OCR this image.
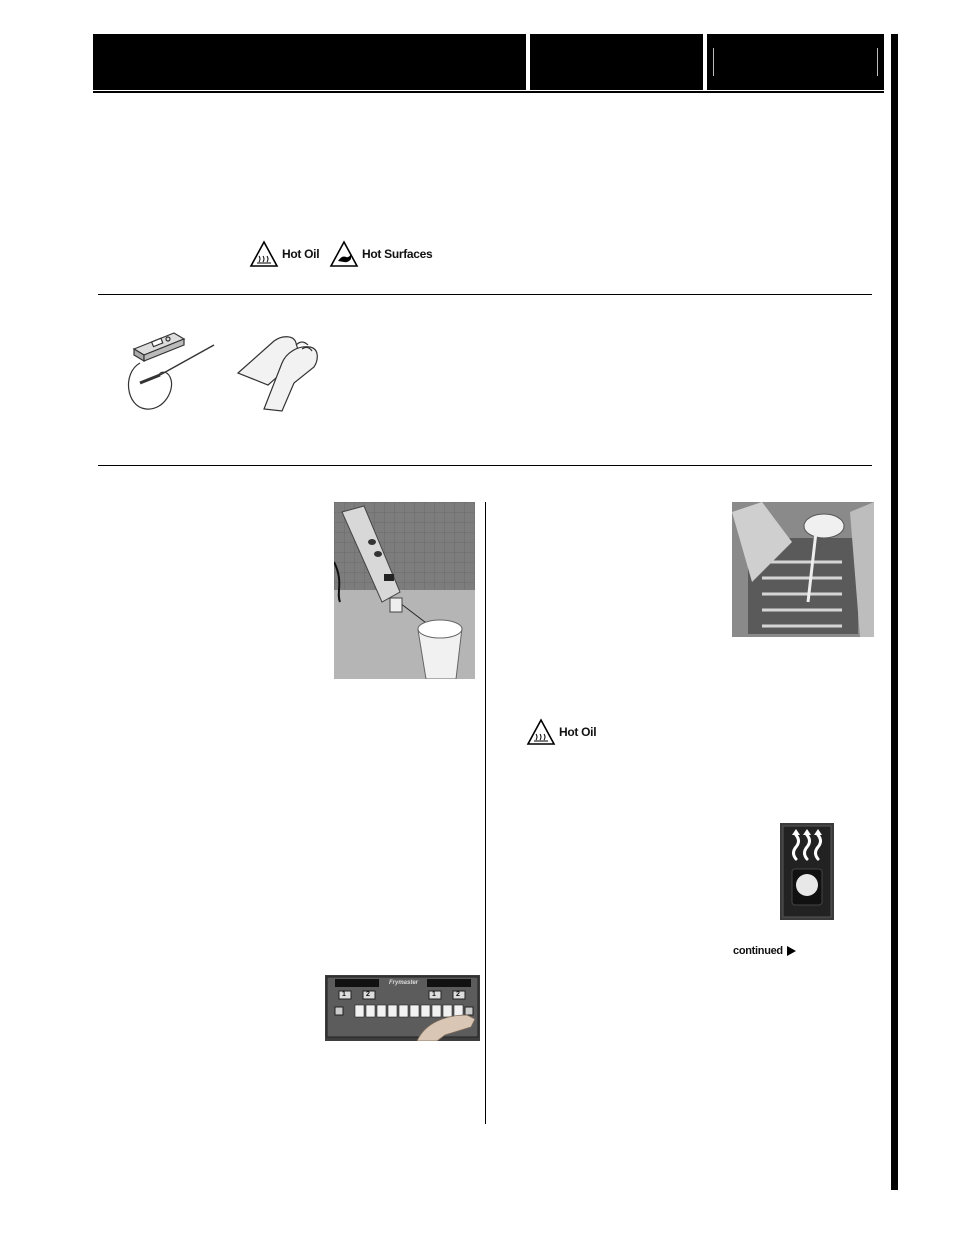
Hot Oil	Hot Surfaces
Hot Oil
continued
Frymaster
1	2	1	2
